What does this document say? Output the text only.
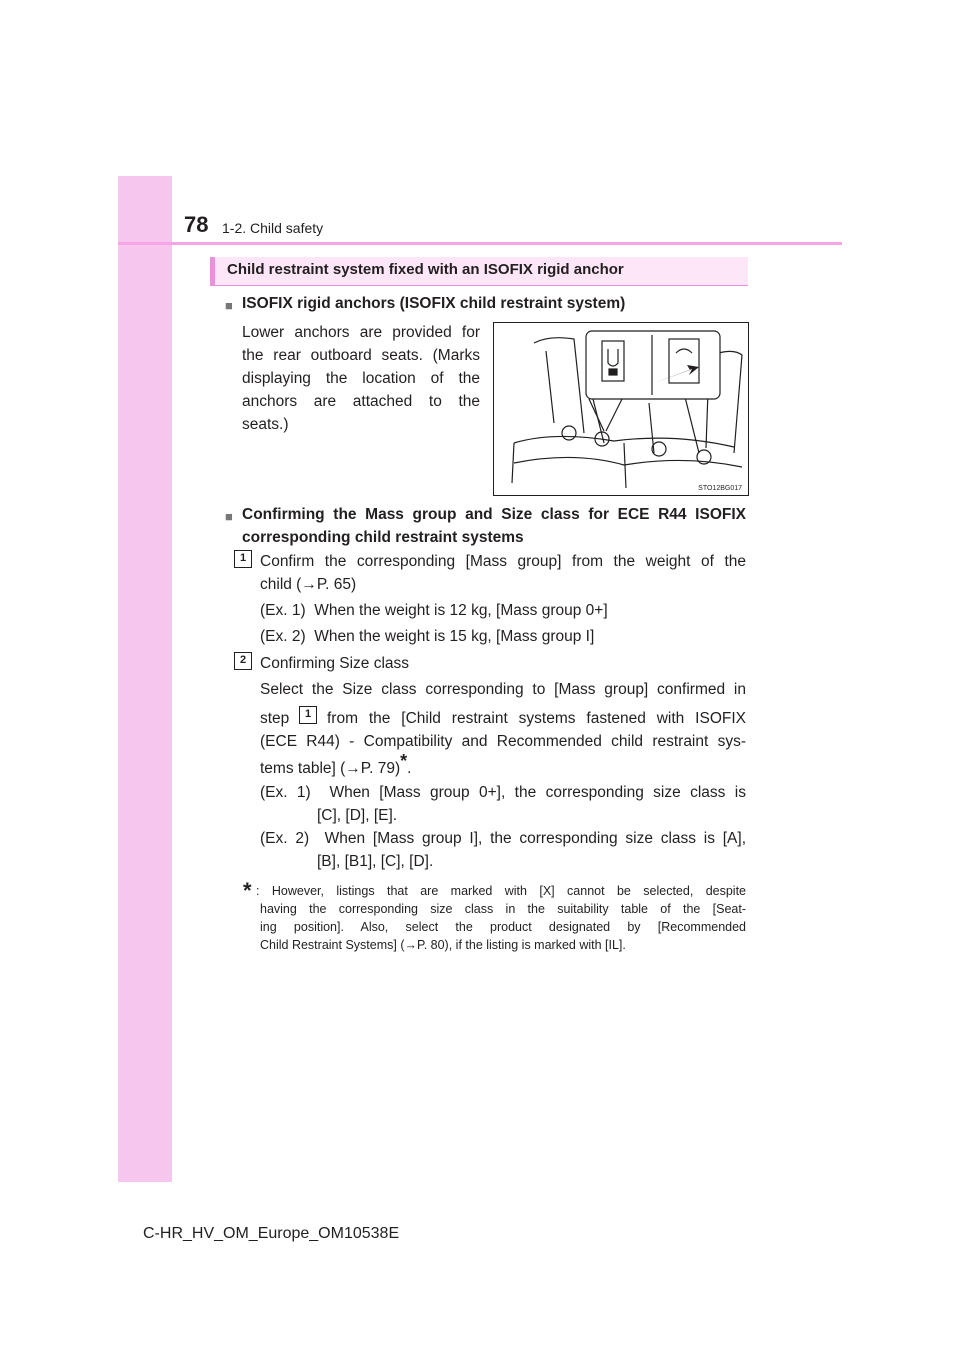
78 1-2. Child safety
Child restraint system fixed with an ISOFIX rigid anchor
■ ISOFIX rigid anchors (ISOFIX child restraint system)
Lower anchors are provided for
the rear outboard seats. (Marks
displaying the location of the
anchors are attached to the
seats.)
STO12BG017
■ Confirming the Mass group and Size class for ECE R44 ISOFIX
corresponding child restraint systems
1 Confirm the corresponding [Mass group] from the weight of the
child (→P. 65)
(Ex. 1)  When the weight is 12 kg, [Mass group 0+]
(Ex. 2)  When the weight is 15 kg, [Mass group I]
2 Confirming Size class
Select the Size class corresponding to [Mass group] confirmed in
step	1	from the [Child restraint systems fastened with ISOFIX
(ECE R44) - Compatibility and Recommended child restraint sys-
tems table] (→P. 79)*.
(Ex. 1)  When [Mass group 0+], the corresponding size class is
[C], [D], [E].
(Ex. 2)  When [Mass group I], the corresponding size class is [A],
[B], [B1], [C], [D].
* : However, listings that are marked with [X] cannot be selected, despite
having the corresponding size class in the suitability table of the [Seat-
ing position]. Also, select the product designated by [Recommended
Child Restraint Systems] (→P. 80), if the listing is marked with [IL].
C-HR_HV_OM_Europe_OM10538E
